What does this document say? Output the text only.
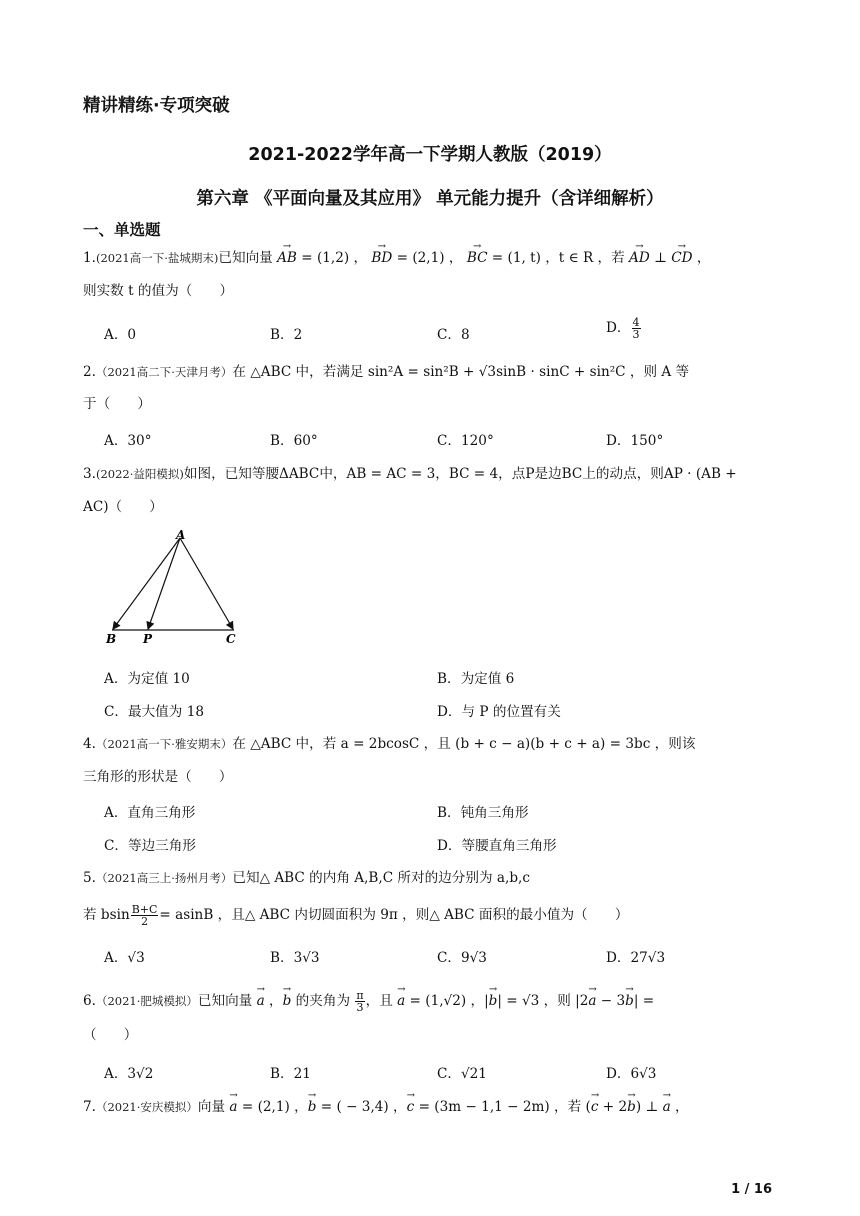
精讲精练·专项突破
2021-2022学年高一下学期人教版（2019）
第六章 《平面向量及其应用》 单元能力提升（含详细解析）
一、单选题
1.(2021高一下·盐城期末)已知向量 → AB = (1,2) ， → BD = (2,1) ， → BC = (1, t) ，t ∈ R ，若 → AD ⊥ → CD ，
则实数 t 的值为（　　）
A．0	B．2	C．8	D． $\frac{4}{3}$
2.（2021高二下·天津月考）在 △ABC 中，若满足 sin²A = sin²B + √3sinB · sinC + sin²C ，则 A 等
于（　　）
A．30°	B．60°	C．120°	D．150°
3.(2022·益阳模拟)如图，已知等腰ΔABC中，AB = AC = 3，BC = 4，点P是边BC上的动点，则AP · (AB +
AC)（　　）
A
B P	C
A．为定值 10	B．为定值 6
C．最大值为 18	D．与 P 的位置有关
4.（2021高一下·雅安期末）在 △ABC 中，若 a = 2bcosC ，且 (b + c − a)(b + c + a) = 3bc ，则该
三角形的形状是（　　）
A．直角三角形	B．钝角三角形
C．等边三角形	D．等腰直角三角形
5.（2021高三上·扬州月考）已知△ ABC 的内角 A,B,C 所对的边分别为 a,b,c
若 bsin $\frac{B+C}{2} = asinB$ ，且△ ABC 内切圆面积为 9π ，则△ ABC 面积的最小值为（　　）
A．√3	B．3√3	C．9√3	D．27√3
6.（2021·肥城模拟）已知向量 → a ，→ b 的夹角为 $\frac{\pi}{3}$ ，且 → a = (1,√2) ，|→ b| = √3 ，则 |2→ a − 3→ b| =
（　　）
A．3√2	B．21	C．√21	D．6√3
7.（2021·安庆模拟）向量 → a = (2,1) ，→ b = ( − 3,4) ，→ c = (3m − 1,1 − 2m) ，若 (→ c + 2→ b) ⊥ → a ，
1 / 16
